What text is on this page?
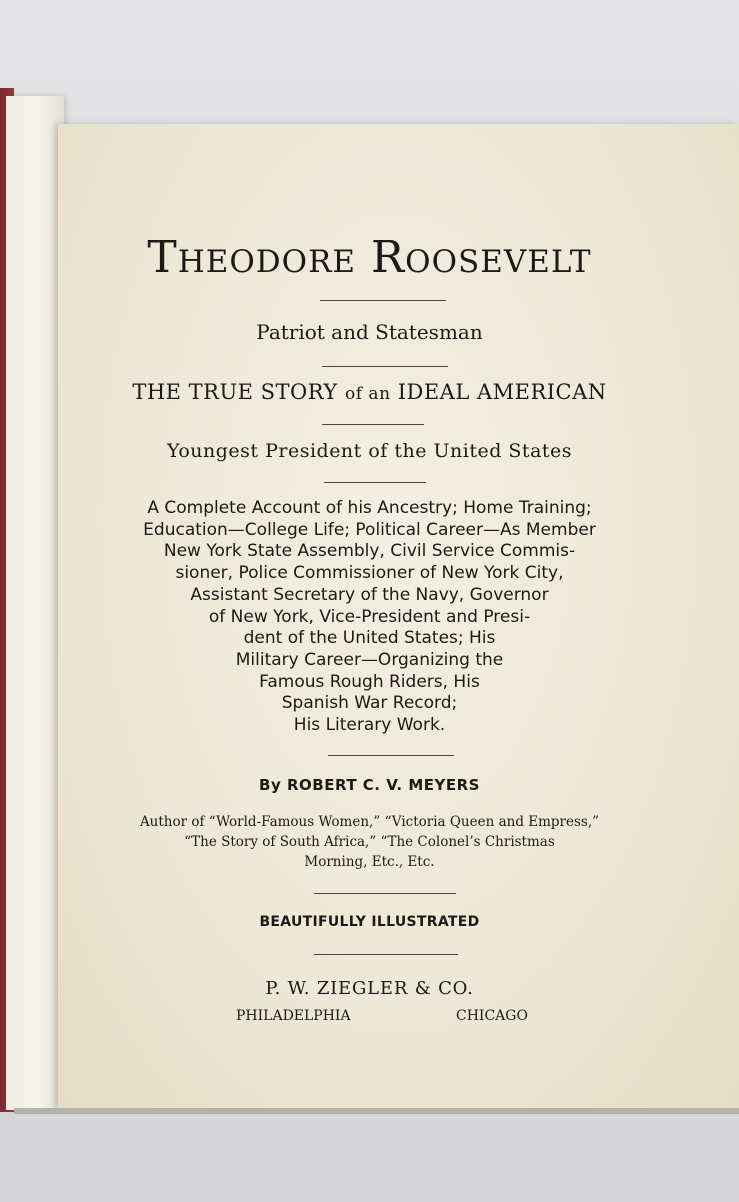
Theodore Roosevelt
Patriot and Statesman
THE TRUE STORY of an IDEAL AMERICAN
Youngest President of the United States
A Complete Account of his Ancestry; Home Training;
Education—College Life; Political Career—As Member
New York State Assembly, Civil Service Commis-
sioner, Police Commissioner of New York City,
Assistant Secretary of the Navy, Governor
of New York, Vice-President and Presi-
dent of the United States; His
Military Career—Organizing the
Famous Rough Riders, His
Spanish War Record;
His Literary Work.
By ROBERT C. V. MEYERS
Author of “World-Famous Women,” “Victoria Queen and Empress,”
“The Story of South Africa,” “The Colonel’s Christmas
Morning, Etc., Etc.
BEAUTIFULLY ILLUSTRATED
P. W. ZIEGLER & CO.
PHILADELPHIA	CHICAGO
